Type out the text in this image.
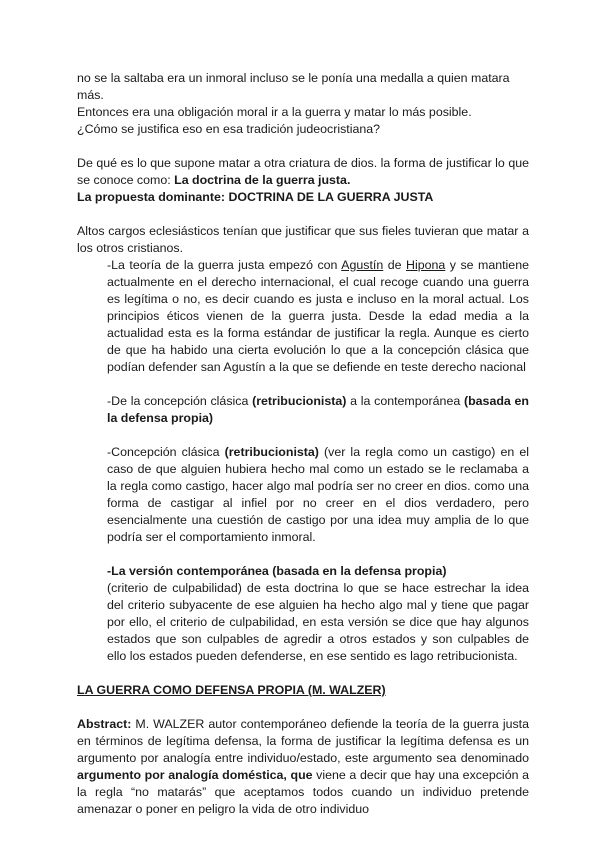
no se la saltaba era un inmoral incluso se le ponía una medalla a quien matara más.

Entonces era una obligación moral ir a la guerra y matar lo más posible.

¿Cómo se justifica eso en esa tradición judeocristiana?

De qué es lo que supone matar a otra criatura de dios. la forma de justificar lo que se conoce como: La doctrina de la guerra justa.

La propuesta dominante: DOCTRINA DE LA GUERRA JUSTA

Altos cargos eclesiásticos tenían que justificar que sus fieles tuvieran que matar a los otros cristianos.

-La teoría de la guerra justa empezó con Agustín de Hipona y se mantiene actualmente en el derecho internacional, el cual recoge cuando una guerra es legítima o no, es decir cuando es justa e incluso en la moral actual. Los principios éticos vienen de la guerra justa. Desde la edad media a la actualidad esta es la forma estándar de justificar la regla. Aunque es cierto de que ha habido una cierta evolución lo que a la concepción clásica que podían defender san Agustín a la que se defiende en teste derecho nacional

-De la concepción clásica (retribucionista) a la contemporánea (basada en la defensa propia)

-Concepción clásica (retribucionista) (ver la regla como un castigo) en el caso de que alguien hubiera hecho mal como un estado se le reclamaba a la regla como castigo, hacer algo mal podría ser no creer en dios. como una forma de castigar al infiel por no creer en el dios verdadero, pero esencialmente una cuestión de castigo por una idea muy amplia de lo que podría ser el comportamiento inmoral.

-La versión contemporánea (basada en la defensa propia)

(criterio de culpabilidad) de esta doctrina lo que se hace estrechar la idea del criterio subyacente de ese alguien ha hecho algo mal y tiene que pagar por ello, el criterio de culpabilidad, en esta versión se dice que hay algunos estados que son culpables de agredir a otros estados y son culpables de ello los estados pueden defenderse, en ese sentido es lago retribucionista.

LA GUERRA COMO DEFENSA PROPIA (M. WALZER)

Abstract: M. WALZER autor contemporáneo defiende la teoría de la guerra justa en términos de legítima defensa, la forma de justificar la legítima defensa es un argumento por analogía entre individuo/estado, este argumento sea denominado argumento por analogía doméstica, que viene a decir que hay una excepción a la regla “no matarás” que aceptamos todos cuando un individuo pretende amenazar o poner en peligro la vida de otro individuo
